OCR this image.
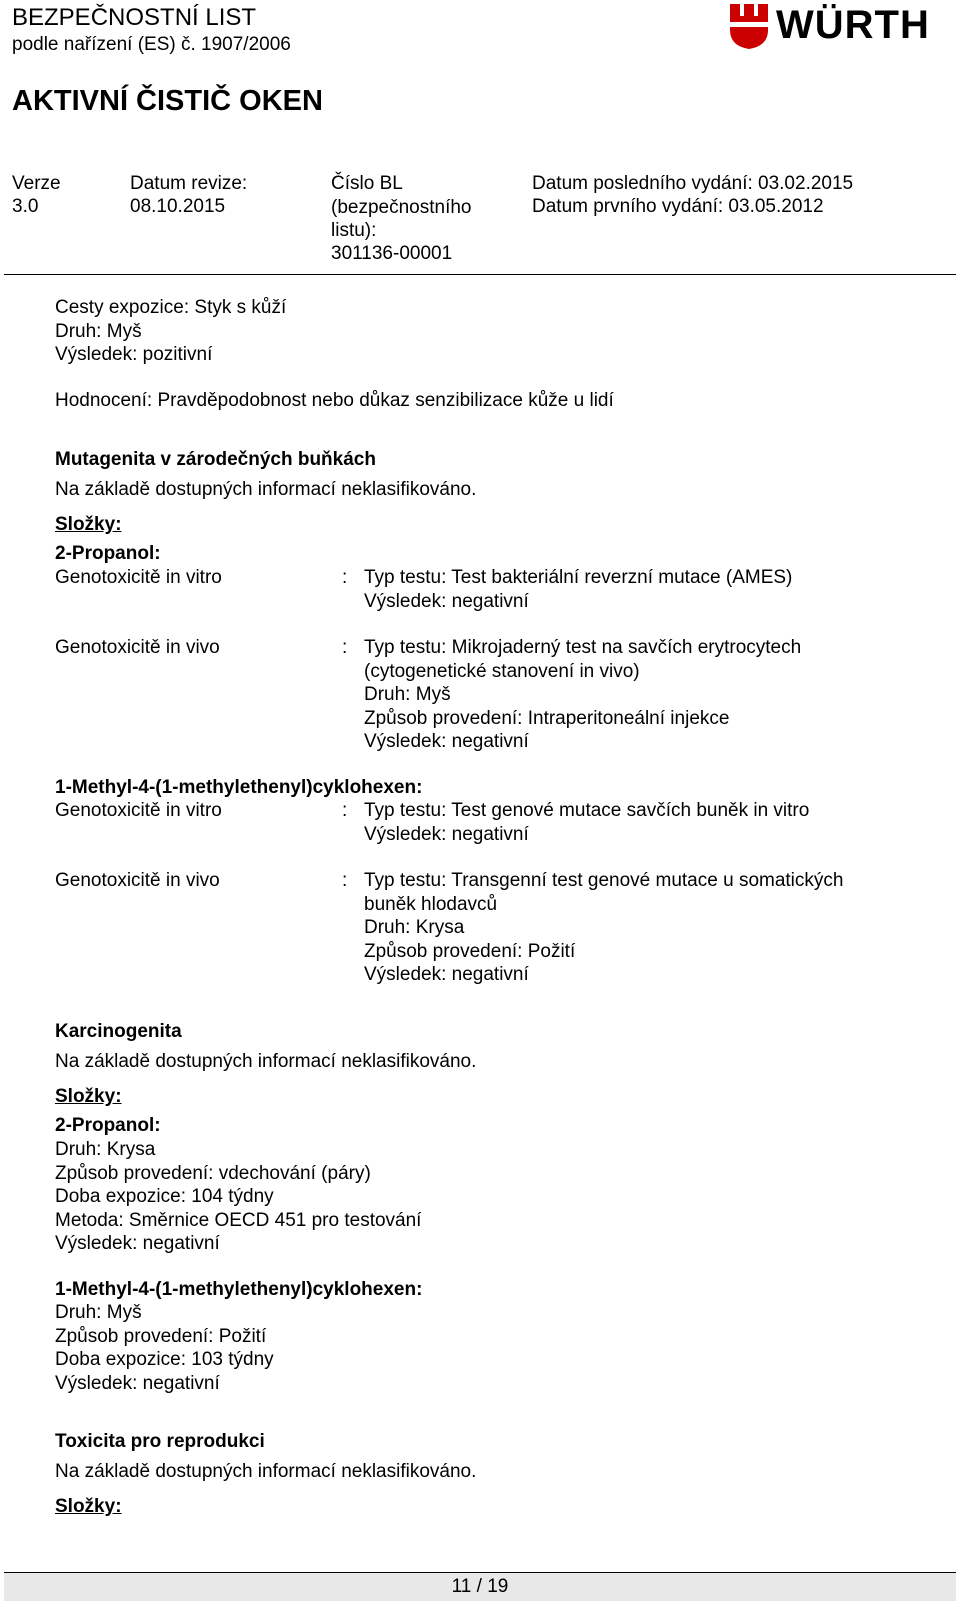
BEZPEČNOSTNÍ LIST
podle nařízení (ES) č. 1907/2006
AKTIVNÍ ČISTIČ OKEN
WÜRTH
Verze
3.0
Datum revize:
08.10.2015
Číslo BL
(bezpečnostního
listu):
301136-00001
Datum posledního vydání: 03.02.2015
Datum prvního vydání: 03.05.2012
Cesty expozice: Styk s kůží
Druh: Myš
Výsledek: pozitivní
Hodnocení: Pravděpodobnost nebo důkaz senzibilizace kůže u lidí
Mutagenita v zárodečných buňkách
Na základě dostupných informací neklasifikováno.
Složky:
2-Propanol:
Genotoxicitě in vitro	: Typ testu: Test bakteriální reverzní mutace (AMES)
Výsledek: negativní
Genotoxicitě in vivo	: Typ testu: Mikrojaderný test na savčích erytrocytech
(cytogenetické stanovení in vivo)
Druh: Myš
Způsob provedení: Intraperitoneální injekce
Výsledek: negativní
1-Methyl-4-(1-methylethenyl)cyklohexen:
Genotoxicitě in vitro	: Typ testu: Test genové mutace savčích buněk in vitro
Výsledek: negativní
Genotoxicitě in vivo	: Typ testu: Transgenní test genové mutace u somatických
buněk hlodavců
Druh: Krysa
Způsob provedení: Požití
Výsledek: negativní
Karcinogenita
Na základě dostupných informací neklasifikováno.
Složky:
2-Propanol:
Druh: Krysa
Způsob provedení: vdechování (páry)
Doba expozice: 104 týdny
Metoda: Směrnice OECD 451 pro testování
Výsledek: negativní
1-Methyl-4-(1-methylethenyl)cyklohexen:
Druh: Myš
Způsob provedení: Požití
Doba expozice: 103 týdny
Výsledek: negativní
Toxicita pro reprodukci
Na základě dostupných informací neklasifikováno.
Složky:
11 / 19
